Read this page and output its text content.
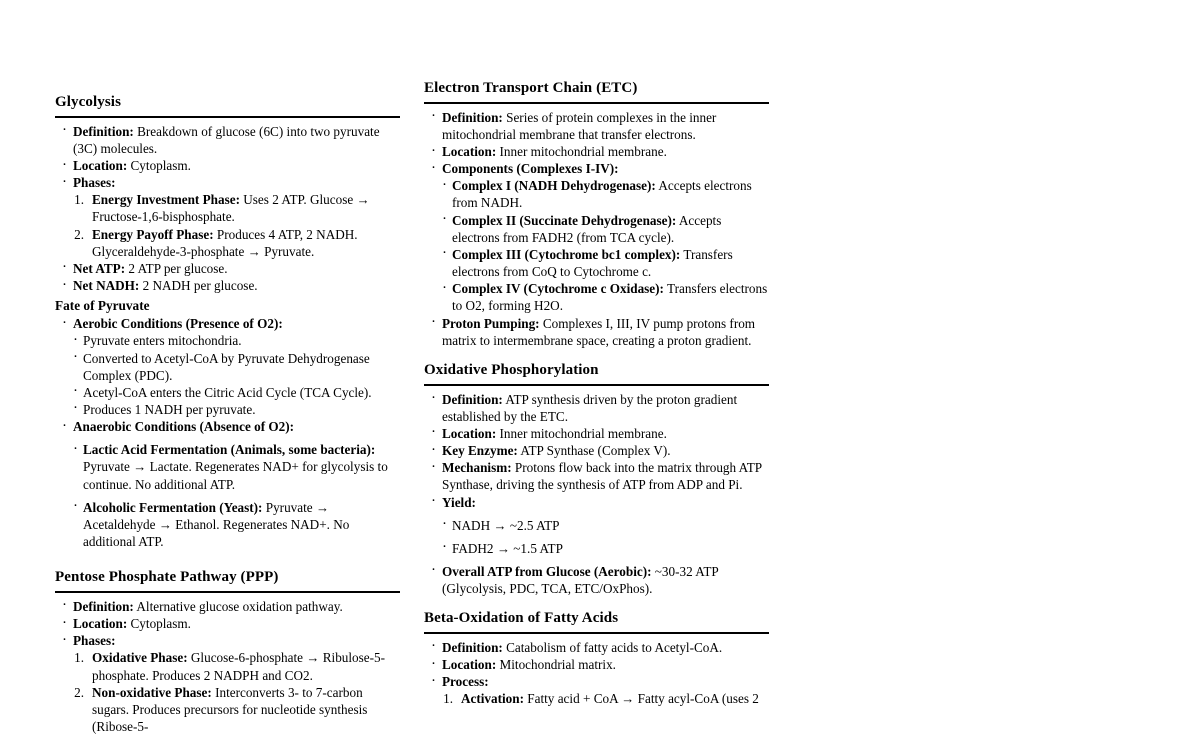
Glycolysis
· Definition: Breakdown of glucose (6C) into two pyruvate (3C) molecules.
· Location: Cytoplasm.
· Phases:
1. Energy Investment Phase: Uses 2 ATP. Glucose → Fructose-1,6-bisphosphate.
2. Energy Payoff Phase: Produces 4 ATP, 2 NADH. Glyceraldehyde-3-phosphate → Pyruvate.
· Net ATP: 2 ATP per glucose.
· Net NADH: 2 NADH per glucose.
Fate of Pyruvate
· Aerobic Conditions (Presence of O2):
· Pyruvate enters mitochondria.
· Converted to Acetyl-CoA by Pyruvate Dehydrogenase Complex (PDC).
· Acetyl-CoA enters the Citric Acid Cycle (TCA Cycle).
· Produces 1 NADH per pyruvate.
· Anaerobic Conditions (Absence of O2):
· Lactic Acid Fermentation (Animals, some bacteria): Pyruvate → Lactate. Regenerates NAD+ for glycolysis to continue. No additional ATP.
· Alcoholic Fermentation (Yeast): Pyruvate → Acetaldehyde → Ethanol. Regenerates NAD+. No additional ATP.
Pentose Phosphate Pathway (PPP)
· Definition: Alternative glucose oxidation pathway.
· Location: Cytoplasm.
· Phases:
1. Oxidative Phase: Glucose-6-phosphate → Ribulose-5-phosphate. Produces 2 NADPH and CO2.
2. Non-oxidative Phase: Interconverts 3- to 7-carbon sugars. Produces precursors for nucleotide synthesis (Ribose-5-
Electron Transport Chain (ETC)
· Definition: Series of protein complexes in the inner mitochondrial membrane that transfer electrons.
· Location: Inner mitochondrial membrane.
· Components (Complexes I-IV):
· Complex I (NADH Dehydrogenase): Accepts electrons from NADH.
· Complex II (Succinate Dehydrogenase): Accepts electrons from FADH2 (from TCA cycle).
· Complex III (Cytochrome bc1 complex): Transfers electrons from CoQ to Cytochrome c.
· Complex IV (Cytochrome c Oxidase): Transfers electrons to O2, forming H2O.
· Proton Pumping: Complexes I, III, IV pump protons from matrix to intermembrane space, creating a proton gradient.
Oxidative Phosphorylation
· Definition: ATP synthesis driven by the proton gradient established by the ETC.
· Location: Inner mitochondrial membrane.
· Key Enzyme: ATP Synthase (Complex V).
· Mechanism: Protons flow back into the matrix through ATP Synthase, driving the synthesis of ATP from ADP and Pi.
· Yield:
· NADH → ~2.5 ATP
· FADH2 → ~1.5 ATP
· Overall ATP from Glucose (Aerobic): ~30-32 ATP (Glycolysis, PDC, TCA, ETC/OxPhos).
Beta-Oxidation of Fatty Acids
· Definition: Catabolism of fatty acids to Acetyl-CoA.
· Location: Mitochondrial matrix.
· Process:
1. Activation: Fatty acid + CoA → Fatty acyl-CoA (uses 2
